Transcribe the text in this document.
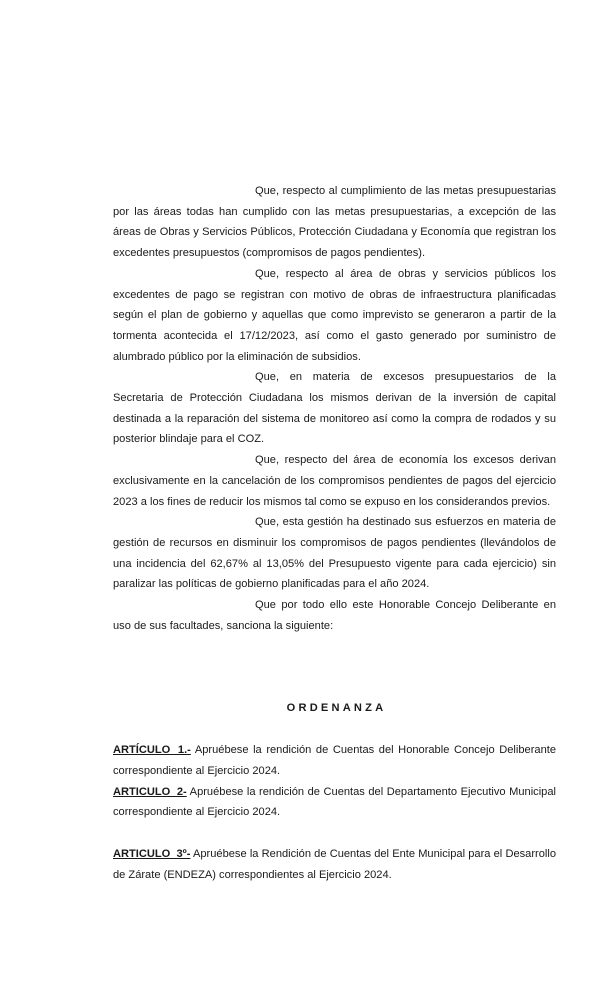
Que, respecto al cumplimiento de las metas presupuestarias por las áreas todas han cumplido con las metas presupuestarias, a excepción de las áreas de Obras y Servicios Públicos, Protección Ciudadana y Economía que registran los excedentes presupuestos (compromisos de pagos pendientes).

Que, respecto al área de obras y servicios públicos los excedentes de pago se registran con motivo de obras de infraestructura planificadas según el plan de gobierno y aquellas que como imprevisto se generaron a partir de la tormenta acontecida el 17/12/2023, así como el gasto generado por suministro de alumbrado público por la eliminación de subsidios.

Que, en materia de excesos presupuestarios de la Secretaria de Protección Ciudadana los mismos derivan de la inversión de capital destinada a la reparación del sistema de monitoreo así como la compra de rodados y su posterior blindaje para el COZ.

Que, respecto del área de economía los excesos derivan exclusivamente en la cancelación de los compromisos pendientes de pagos del ejercicio 2023 a los fines de reducir los mismos tal como se expuso en los considerandos previos.

Que, esta gestión ha destinado sus esfuerzos en materia de gestión de recursos en disminuir los compromisos de pagos pendientes (llevándolos de una incidencia del 62,67% al 13,05% del Presupuesto vigente para cada ejercicio) sin paralizar las políticas de gobierno planificadas para el año 2024.

Que por todo ello este Honorable Concejo Deliberante en uso de sus facultades, sanciona la siguiente:

ORDENANZA

ARTÍCULO 1.- Apruébese la rendición de Cuentas del Honorable Concejo Deliberante correspondiente al Ejercicio 2024.

ARTICULO 2- Apruébese la rendición de Cuentas del Departamento Ejecutivo Municipal correspondiente al Ejercicio 2024.

ARTICULO 3º- Apruébese la Rendición de Cuentas del Ente Municipal para el Desarrollo de Zárate (ENDEZA) correspondientes al Ejercicio 2024.
